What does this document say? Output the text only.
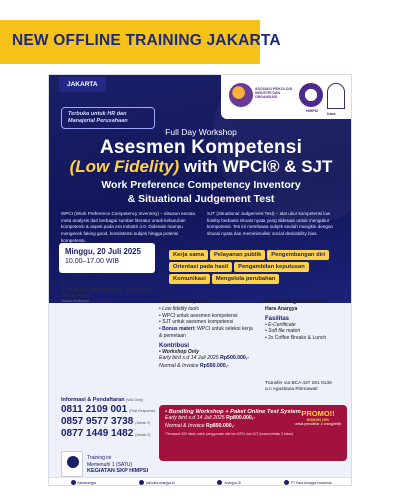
NEW OFFLINE TRAINING JAKARTA
JAKARTA
ASOSIASI PSIKOLOGI INDUSTRI DAN ORGANISASI
HIMPSI	hara
Terbuka untuk HR dan
Manajerial Perusahaan
Full Day Workshop
Asesmen Kompetensi
(Low Fidelity) with WPCI® & SJT
Work Preference Competency Inventory
& Situational Judgement Test
WPCI (Work Preference Competency Inventory) – disusun secara meta analysis dari berbagai sumber literatur untuk kebutuhan kompetensi & aspek pada era Industri 4.0. Didesain mampu mengecek faking good, konsistensi subjek hingga potensi kompetensi.
SJT (Situational Judgement Test) – alat ukur kompetensi low fidelity berbasis situasi nyata yang didesain untuk mengukur kompetensi. Tes ini membawa subjek seolah mungkin dengan situasi nyata dan meminimalisir social desirability bias.
Kerja sama	Pelayanan publik	Pengembangan diri
Orientasi pada hasil	Pengambilan keputusan
Komunikasi	Mengelola perubahan
Minggu, 20 Juli 2025
10.00–17.00 WIB
Amaris Hotel*
Jl. Pasar Baru Timur No.20-21, Sawah Besar, Jakarta Pusat
*dalam konfirmasi
Materi
• Asesmen kompetensi
• Low fidelity tools
• WPCI untuk asesmen kompetensi
• SJT untuk asesmen kompetensi
• Bonus materi: WPCI untuk seleksi kerja & pemetaan
Kontribusi
• Workshop Only
Early bird s.d 14 Juli 2025 Rp500.000,-
Normal & Invoice Rp550.000,-
Pemateri
Tim Psikolog & Psikometri
Hara Anargya
Fasilitas
• E-Certificate
• Soft file materi
• 2x Coffee Breaks & Lunch
Transfer via BCA 437 261 8136
a.n Agustiana Rismawati
• Bundling Workshop + Paket Online Test System
Early bird s.d 14 Juli 2025 Rp800.000,-
Normal & Invoice Rp850.000,-
*Termasuk 300 token untuk penggunaan alat tes WPCI dan SJT (masa berlaku 3 bulan)
PROMO!!
DISKON 10%
untuk pendaftar 2 orang/lebih
Informasi & Pendaftaran (WA Only)
0811 2109 001 (Fast Response)
0857 9577 3738 (Admin 2)
0877 1449 1482 (Admin 3)
Training ini
Memenuhi 1 (SATU)
KEGIATAN SKP HIMPSI
haraanargya	psikotes.anargya.id	Anargya ID	PT Hara Anargya Indonesia
